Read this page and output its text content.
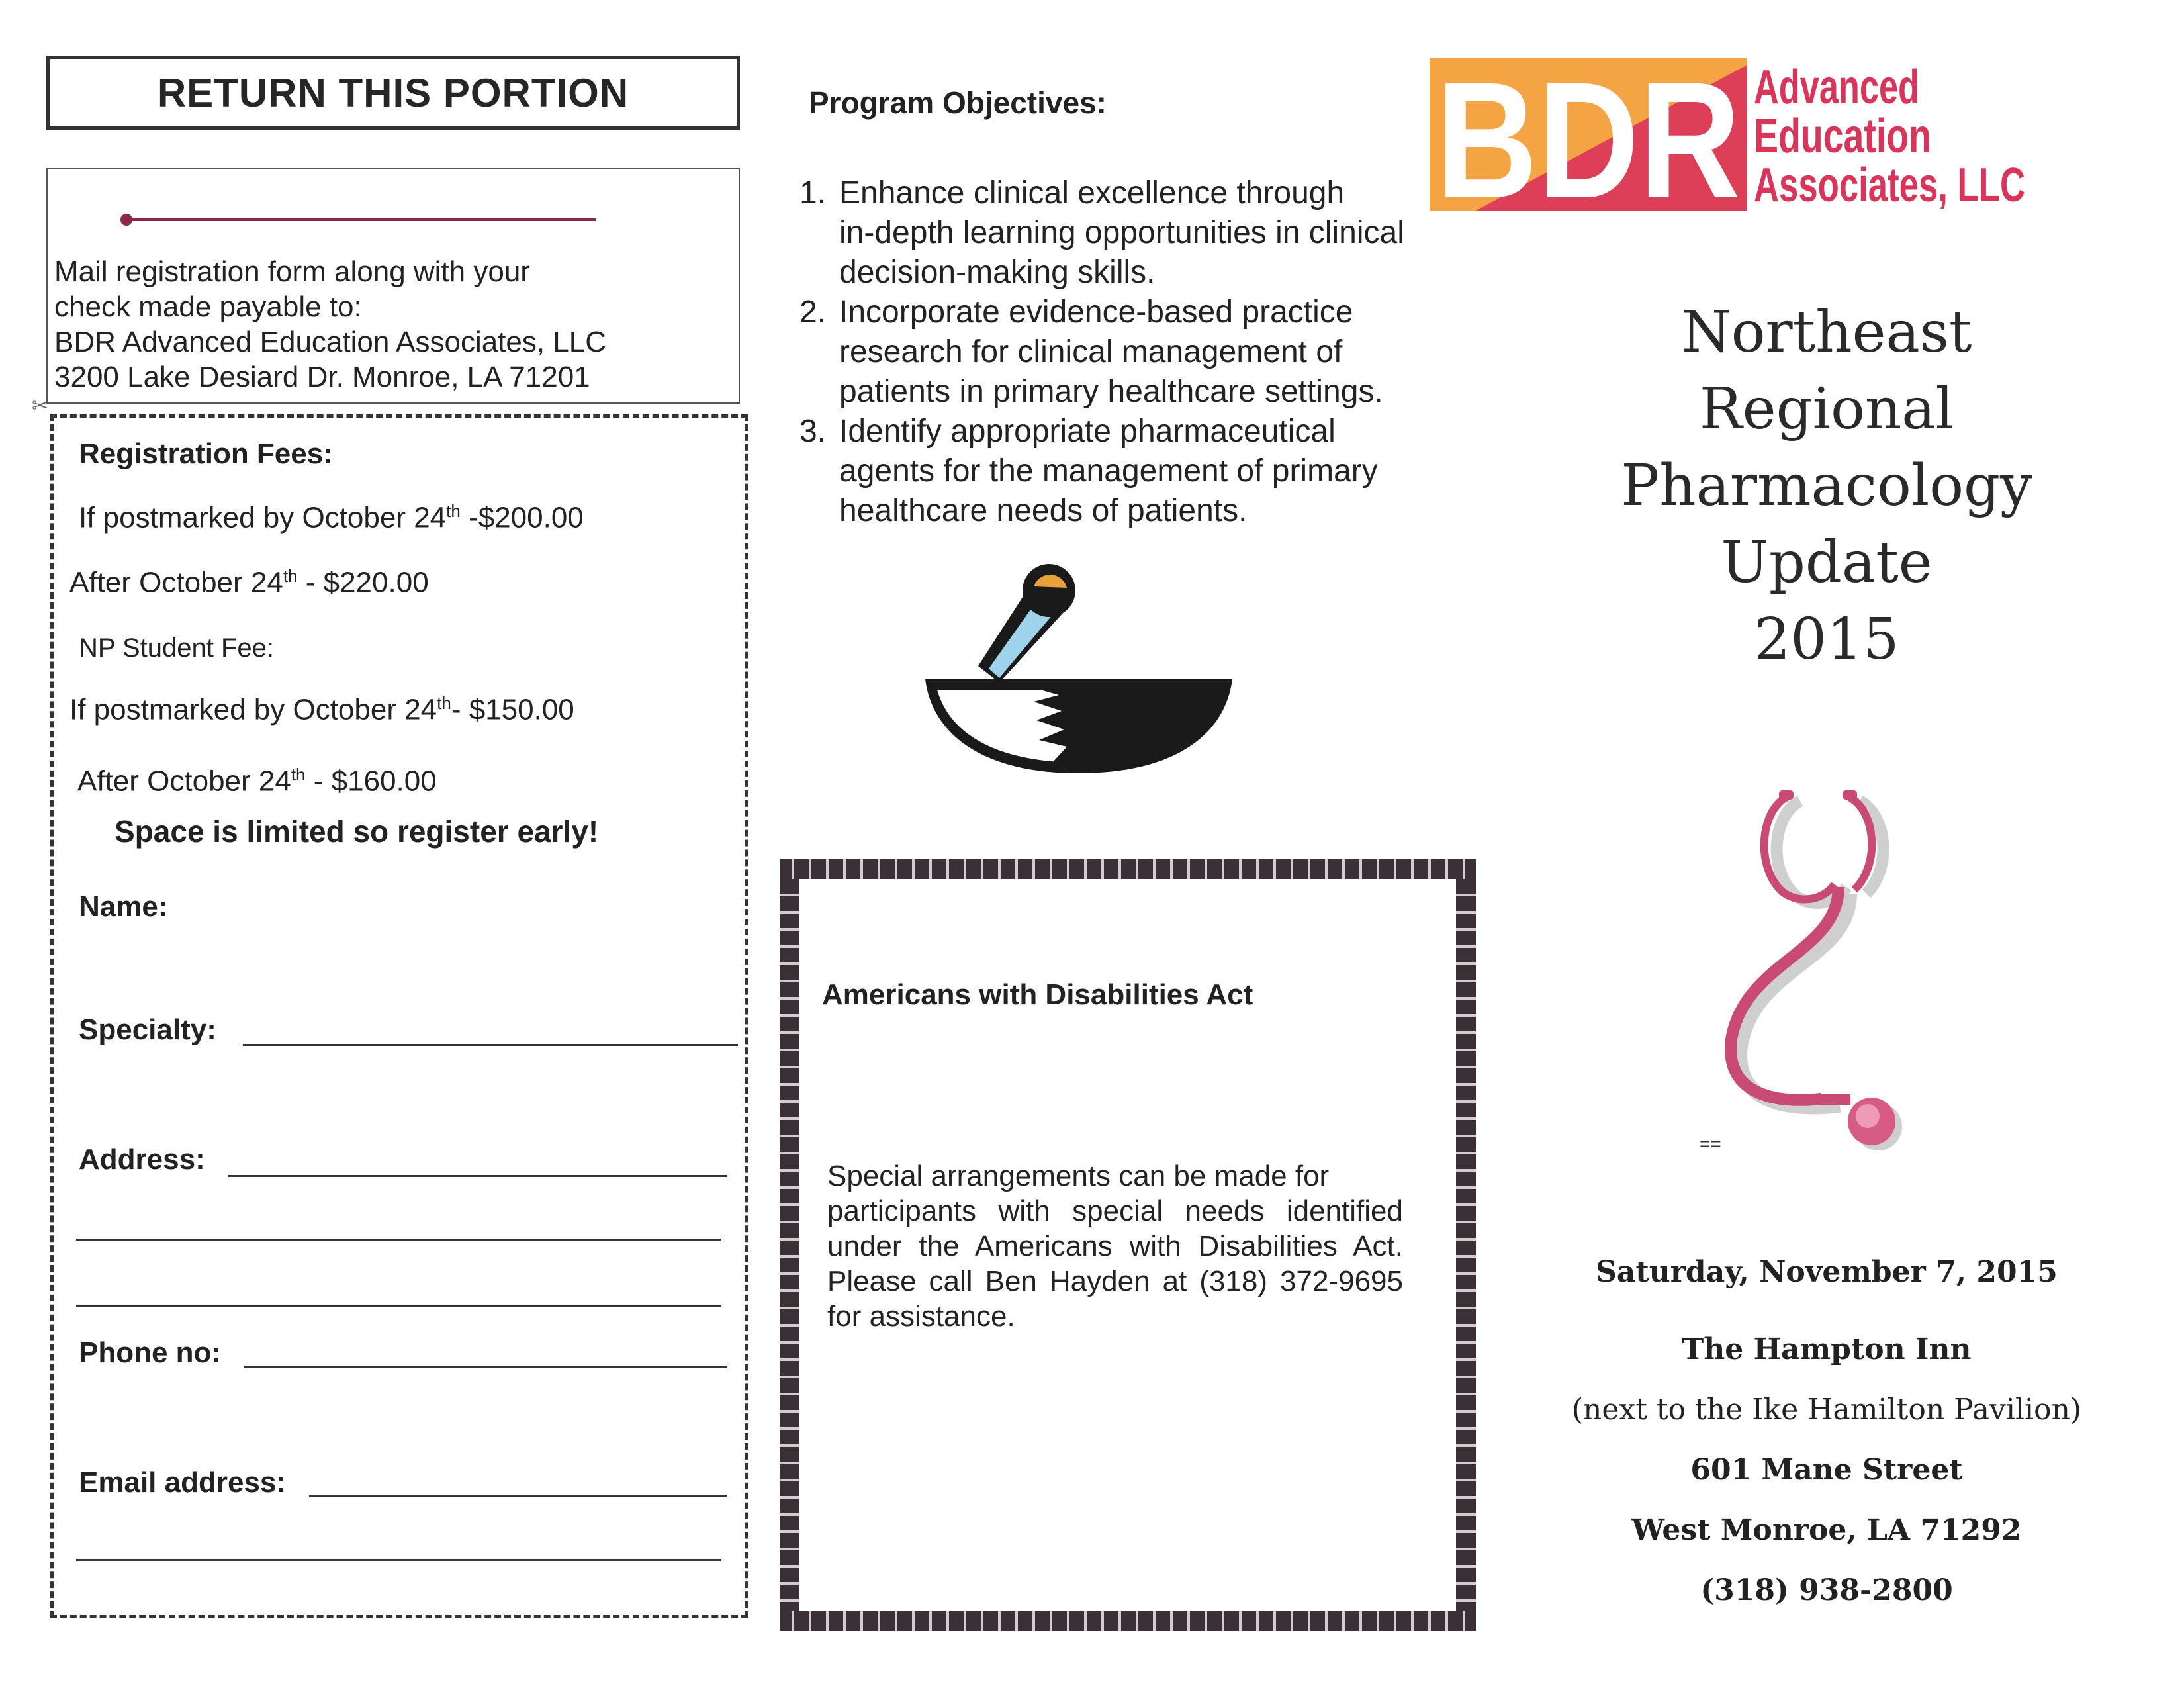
RETURN THIS PORTION
Mail registration form along with your
check made payable to:
BDR Advanced Education Associates, LLC
3200 Lake Desiard Dr. Monroe, LA 71201
✂
Registration Fees:
If postmarked by October 24th -$200.00
After October 24th - $220.00
NP Student Fee:
If postmarked by October 24th- $150.00
After October 24th - $160.00
Space is limited so register early!
Name:
Specialty:
Address:
Phone no:
Email address:
Program Objectives:
1. Enhance clinical excellence through
in-depth learning opportunities in clinical
decision-making skills.
2. Incorporate evidence-based practice
research for clinical management of
patients in primary healthcare settings.
3. Identify appropriate pharmaceutical
agents for the management of primary
healthcare needs of patients.
Americans with Disabilities Act
Special arrangements can be made for
participants with special needs identified
under the Americans with Disabilities Act.
Please call Ben Hayden at (318) 372-9695
for assistance.
BDR Advanced
Education
Associates, LLC
Northeast
Regional
Pharmacology
Update
2015
==
Saturday, November 7, 2015
The Hampton Inn
(next to the Ike Hamilton Pavilion)
601 Mane Street
West Monroe, LA 71292
(318) 938-2800
